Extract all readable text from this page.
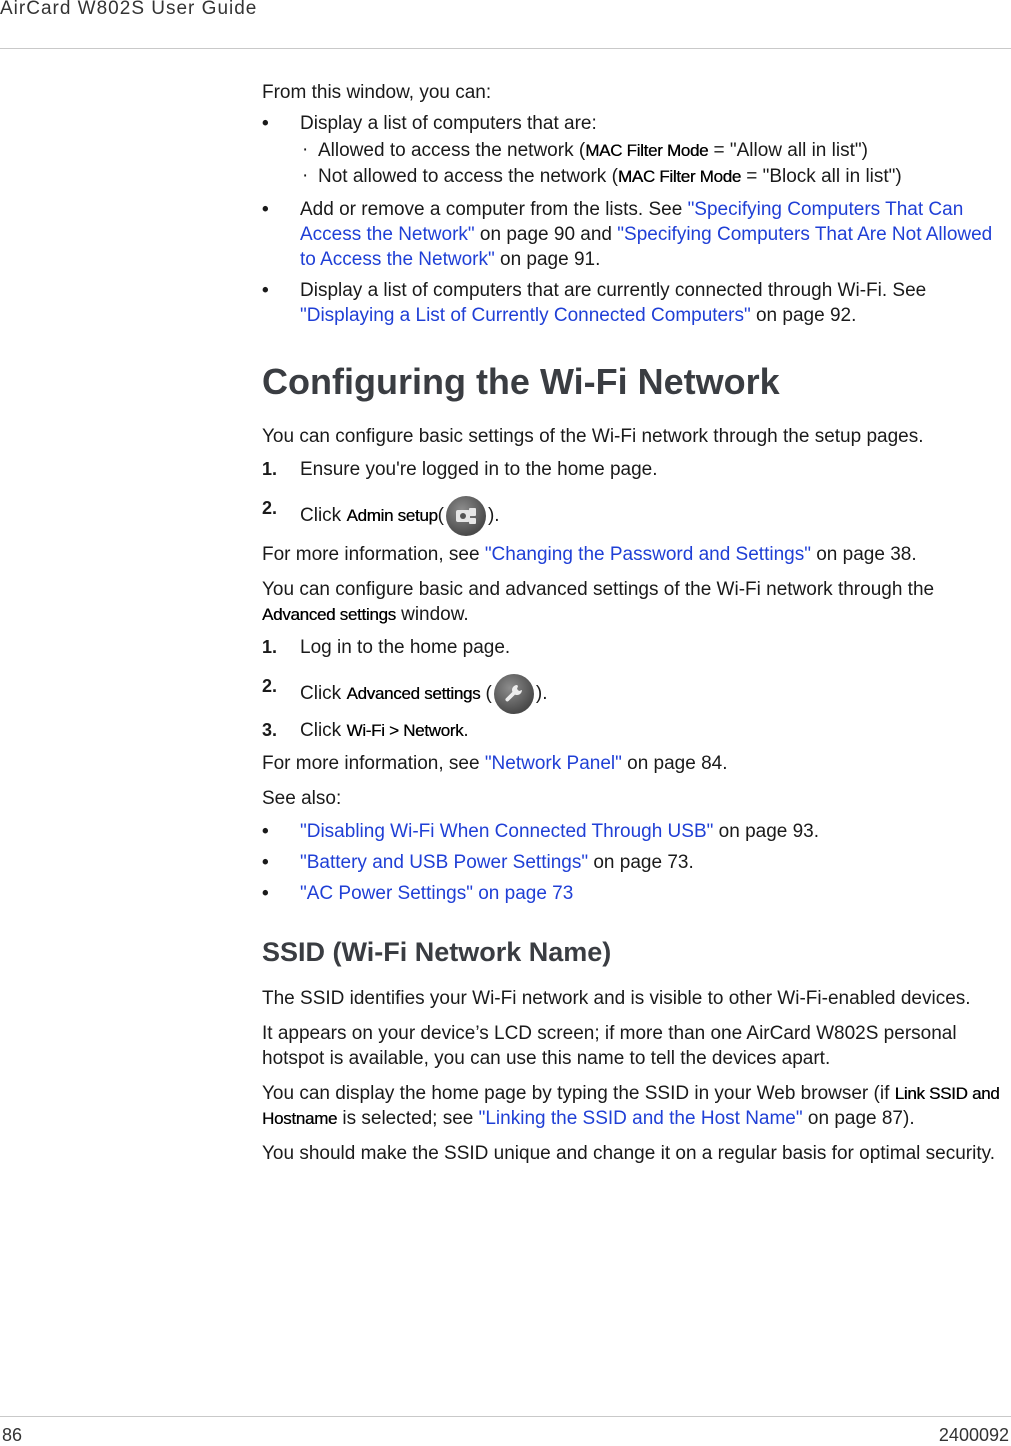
AirCard W802S User Guide

From this window, you can:

• Display a list of computers that are:
· Allowed to access the network (MAC Filter Mode = "Allow all in list")
· Not allowed to access the network (MAC Filter Mode = "Block all in list")
• Add or remove a computer from the lists. See "Specifying Computers That Can Access the Network" on page 90 and "Specifying Computers That Are Not Allowed to Access the Network" on page 91.
• Display a list of computers that are currently connected through Wi-Fi. See "Displaying a List of Currently Connected Computers" on page 92.
Configuring the Wi-Fi Network

You can configure basic settings of the Wi-Fi network through the setup pages.

1. Ensure you're logged in to the home page.
2. Click Admin setup( ).

For more information, see "Changing the Password and Settings" on page 38.

You can configure basic and advanced settings of the Wi-Fi network through the Advanced settings window.

1. Log in to the home page.
2. Click Advanced settings ( ).
3. Click Wi-Fi > Network.

For more information, see "Network Panel" on page 84.

See also:

• "Disabling Wi-Fi When Connected Through USB" on page 93.
• "Battery and USB Power Settings" on page 73.
• "AC Power Settings" on page 73
SSID (Wi-Fi Network Name)

The SSID identifies your Wi-Fi network and is visible to other Wi-Fi-enabled devices.

It appears on your device’s LCD screen; if more than one AirCard W802S personal hotspot is available, you can use this name to tell the devices apart.

You can display the home page by typing the SSID in your Web browser (if Link SSID and Hostname is selected; see "Linking the SSID and the Host Name" on page 87).

You should make the SSID unique and change it on a regular basis for optimal security.

86	2400092
